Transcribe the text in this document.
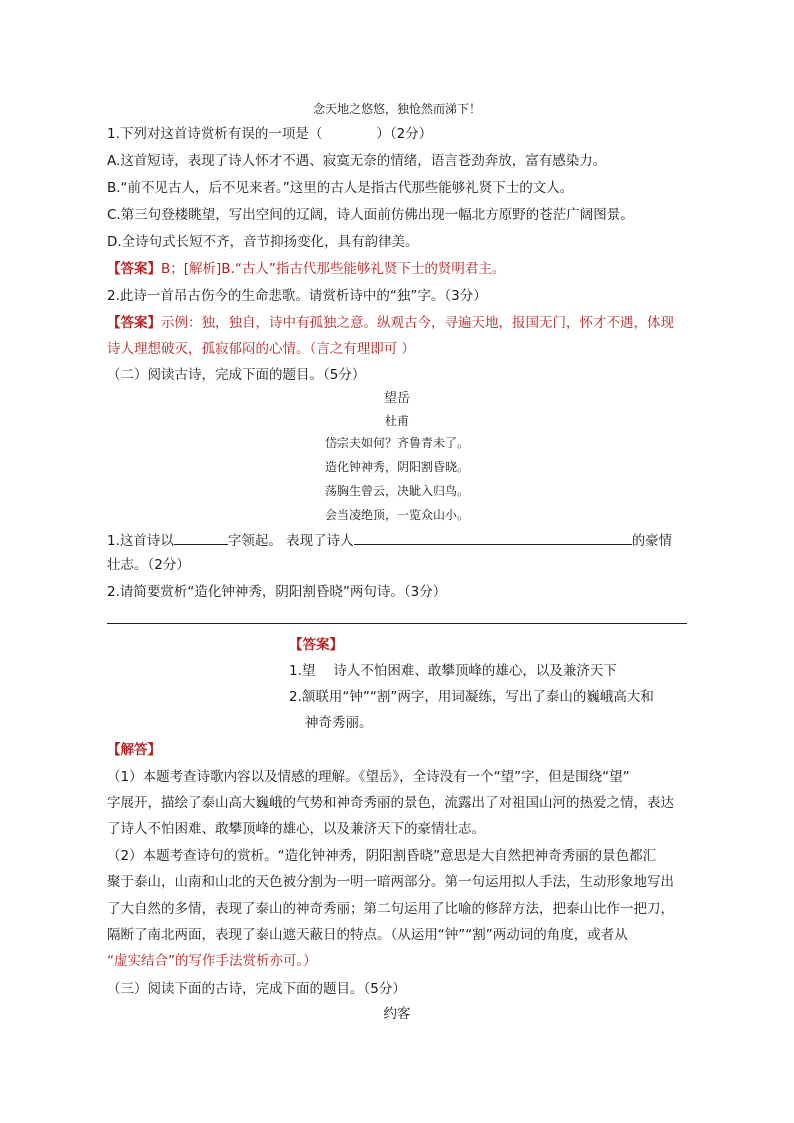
念天地之悠悠，独怆然而涕下！
1.下列对这首诗赏析有误的一项是（　　　　）（2分）
A.这首短诗，表现了诗人怀才不遇、寂寞无奈的情绪，语言苍劲奔放，富有感染力。
B.“前不见古人，后不见来者。”这里的古人是指古代那些能够礼贤下士的文人。
C.第三句登楼眺望，写出空间的辽阔，诗人面前仿佛出现一幅北方原野的苍茫广阔图景。
D.全诗句式长短不齐，音节抑扬变化，具有韵律美。
【答案】B；[解析]B.“古人”指古代那些能够礼贤下士的贤明君主。
2.此诗一首吊古伤今的生命悲歌。请赏析诗中的“独”字。（3分）
【答案】示例：独，独自，诗中有孤独之意。纵观古今，寻遍天地，报国无门，怀才不遇，体现
诗人理想破灭，孤寂郁闷的心情。（言之有理即可 ）
（二）阅读古诗，完成下面的题目。（5分）
望岳
杜甫
岱宗夫如何？齐鲁青未了。
造化钟神秀，阴阳割昏晓。
荡胸生曾云，决眦入归鸟。
会当凌绝顶，一览众山小。
1.这首诗以	字领起。 表现了诗人	的豪情
壮志。（2分）
2.请简要赏析“造化钟神秀，阴阳割昏晓”两句诗。（3分）
【答案】
1.望 诗人不怕困难、敢攀顶峰的雄心，以及兼济天下
2.颔联用“钟”“割”两字，用词凝练，写出了泰山的巍峨高大和
神奇秀丽。
【解答】
（1）本题考查诗歌内容以及情感的理解。《望岳》，全诗没有一个“望”字，但是围绕“望”
字展开，描绘了泰山高大巍峨的气势和神奇秀丽的景色，流露出了对祖国山河的热爱之情，表达
了诗人不怕困难、敢攀顶峰的雄心，以及兼济天下的豪情壮志。
（2）本题考查诗句的赏析。“造化钟神秀，阴阳割昏晓”意思是大自然把神奇秀丽的景色都汇
聚于泰山，山南和山北的天色被分割为一明一暗两部分。第一句运用拟人手法，生动形象地写出
了大自然的多情，表现了泰山的神奇秀丽；第二句运用了比喻的修辞方法，把泰山比作一把刀，
隔断了南北两面，表现了泰山遮天蔽日的特点。（从运用“钟”“割”两动词的角度，或者从
“虚实结合”的写作手法赏析亦可。）
（三）阅读下面的古诗，完成下面的题目。（5分）
约客
